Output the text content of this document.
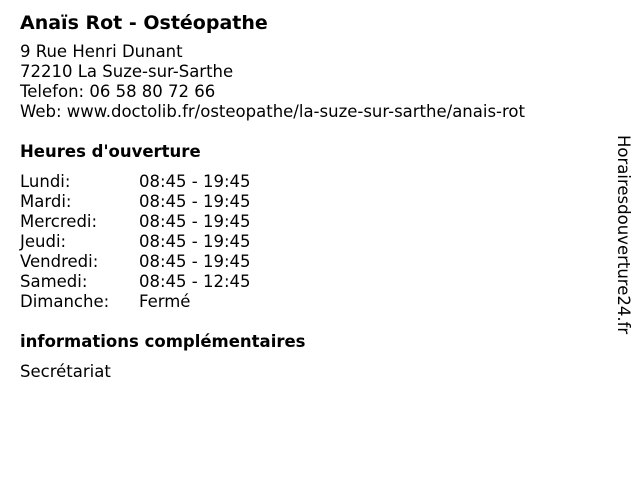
Anaïs Rot - Ostéopathe
9 Rue Henri Dunant
72210 La Suze-sur-Sarthe
Telefon: 06 58 80 72 66
Web: www.doctolib.fr/osteopathe/la-suze-sur-sarthe/anais-rot
Heures d'ouverture
Lundi:	08:45 - 19:45
Mardi:	08:45 - 19:45
Mercredi:	08:45 - 19:45
Jeudi:	08:45 - 19:45
Vendredi:	08:45 - 19:45
Samedi:	08:45 - 12:45
Dimanche:	Fermé
informations complémentaires
Secrétariat
Horairesdouverture24.fr
